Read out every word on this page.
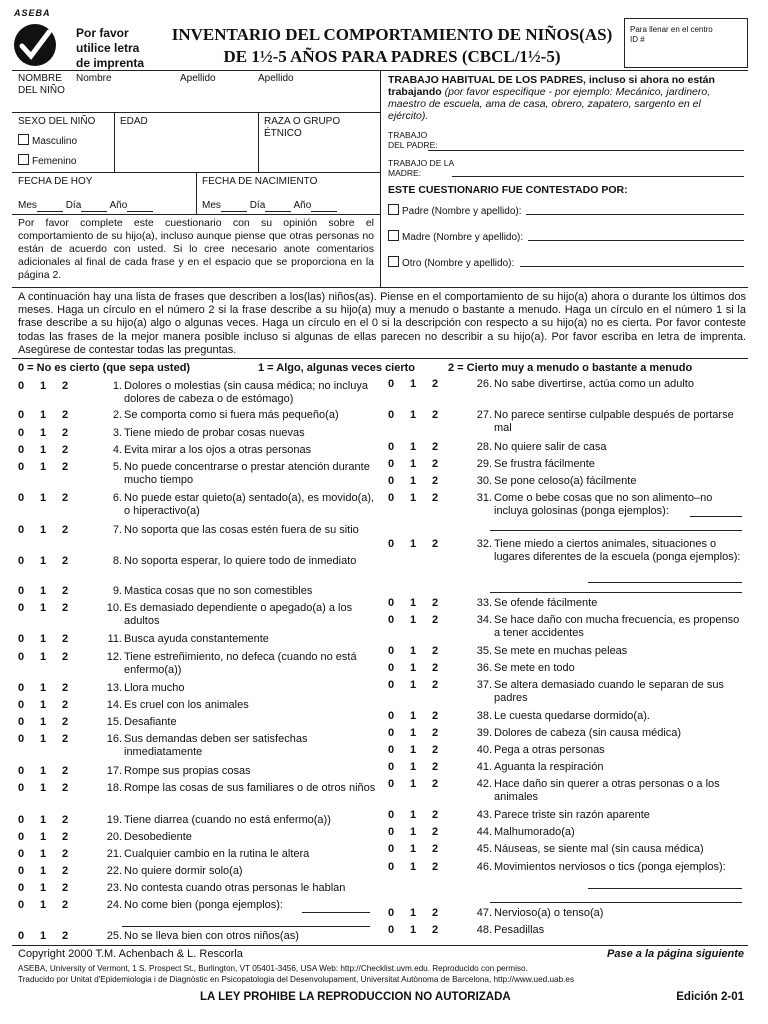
ASEBA
Por favor
utilice letra
de imprenta
INVENTARIO DEL COMPORTAMIENTO DE NIÑOS(AS)
DE 1½-5 AÑOS PARA PADRES (CBCL/1½-5)
Para llenar en el centro
ID #
NOMBRE DEL NIÑO
Nombre	Apellido	Apellido
SEXO DEL NIÑO
Masculino
Femenino
EDAD	RAZA O GRUPO ÉTNICO
FECHA DE HOY	FECHA DE NACIMIENTO
Mes	Día	Año	Mes	Día	Año
Por favor complete este cuestionario con su opinión sobre el comportamiento de su hijo(a), incluso aunque piense que otras personas no están de acuerdo con usted. Si lo cree necesario anote comentarios adicionales al final de cada frase y en el espacio que se proporciona en la página 2.
TRABAJO HABITUAL DE LOS PADRES, incluso si ahora no están trabajando (por favor especifique - por ejemplo: Mecánico, jardinero, maestro de escuela, ama de casa, obrero, zapatero, sargento en el ejército).
TRABAJO DEL PADRE:
TRABAJO DE LA MADRE:
ESTE CUESTIONARIO FUE CONTESTADO POR:
Padre (Nombre y apellido):
Madre (Nombre y apellido):
Otro (Nombre y apellido):
A continuación hay una lista de frases que describen a los(las) niños(as). Piense en el comportamiento de su hijo(a) ahora o durante los últimos dos meses. Haga un círculo en el número 2 si la frase describe a su hijo(a) muy a menudo o bastante a menudo. Haga un círculo en el número 1 si la frase describe a su hijo(a) algo o algunas veces. Haga un círculo en el 0 si la descripción con respecto a su hijo(a) no es cierta. Por favor conteste todas las frases de la mejor manera posible incluso si algunas de ellas parecen no describir a su hijo(a). Por favor escriba en letra de imprenta. Asegúrese de contestar todas las preguntas.
0 = No es cierto (que sepa usted)	1 = Algo, algunas veces cierto	2 = Cierto muy a menudo o bastante a menudo
0 1 2	1. Dolores o molestias (sin causa médica; no incluya dolores de cabeza o de estómago)
0 1 2	2. Se comporta como si fuera más pequeño(a)
0 1 2	3. Tiene miedo de probar cosas nuevas
0 1 2	4. Evita mirar a los ojos a otras personas
0 1 2	5. No puede concentrarse o prestar atención durante mucho tiempo
0 1 2	6. No puede estar quieto(a) sentado(a), es movido(a), o hiperactivo(a)
0 1 2	7. No soporta que las cosas estén fuera de su sitio
0 1 2	8. No soporta esperar, lo quiere todo de inmediato
0 1 2	9. Mastica cosas que no son comestibles
0 1 2	10. Es demasiado dependiente o apegado(a) a los adultos
0 1 2	11. Busca ayuda constantemente
0 1 2	12. Tiene estreñimiento, no defeca (cuando no está enfermo(a))
0 1 2	13. Llora mucho
0 1 2	14. Es cruel con los animales
0 1 2	15. Desafiante
0 1 2	16. Sus demandas deben ser satisfechas inmediatamente
0 1 2	17. Rompe sus propias cosas
0 1 2	18. Rompe las cosas de sus familiares o de otros niños
0 1 2	19. Tiene diarrea (cuando no está enfermo(a))
0 1 2	20. Desobediente
0 1 2	21. Cualquier cambio en la rutina le altera
0 1 2	22. No quiere dormir solo(a)
0 1 2	23. No contesta cuando otras personas le hablan
0 1 2	24. No come bien (ponga ejemplos):
0 1 2	25. No se lleva bien con otros niños(as)
0 1 2	26. No sabe divertirse, actúa como un adulto
0 1 2	27. No parece sentirse culpable después de portarse mal
0 1 2	28. No quiere salir de casa
0 1 2	29. Se frustra fácilmente
0 1 2	30. Se pone celoso(a) fácilmente
0 1 2	31. Come o bebe cosas que no son alimento–no incluya golosinas (ponga ejemplos):
0 1 2	32. Tiene miedo a ciertos animales, situaciones o lugares diferentes de la escuela (ponga ejemplos):
0 1 2	33. Se ofende fácilmente
0 1 2	34. Se hace daño con mucha frecuencia, es propenso a tener accidentes
0 1 2	35. Se mete en muchas peleas
0 1 2	36. Se mete en todo
0 1 2	37. Se altera demasiado cuando le separan de sus padres
0 1 2	38. Le cuesta quedarse dormido(a).
0 1 2	39. Dolores de cabeza (sin causa médica)
0 1 2	40. Pega a otras personas
0 1 2	41. Aguanta la respiración
0 1 2	42. Hace daño sin querer a otras personas o a los animales
0 1 2	43. Parece triste sin razón aparente
0 1 2	44. Malhumorado(a)
0 1 2	45. Náuseas, se siente mal (sin causa médica)
0 1 2	46. Movimientos nerviosos o tics (ponga ejemplos):
0 1 2	47. Nervioso(a) o tenso(a)
0 1 2	48. Pesadillas
Copyright 2000 T.M. Achenbach & L. Rescorla	Pase a la página siguiente
ASEBA, University of Vermont, 1 S. Prospect St., Burlington, VT 05401-3456, USA Web: http://Checklist.uvm.edu. Reproducido con permiso.
Traducido por Unitat d'Epidemiologia i de Diagnòstic en Psicopatologia del Desenvolupament, Universitat Autònoma de Barcelona, http://www.ued.uab.es
LA LEY PROHIBE LA REPRODUCCION NO AUTORIZADA	Edición 2-01
